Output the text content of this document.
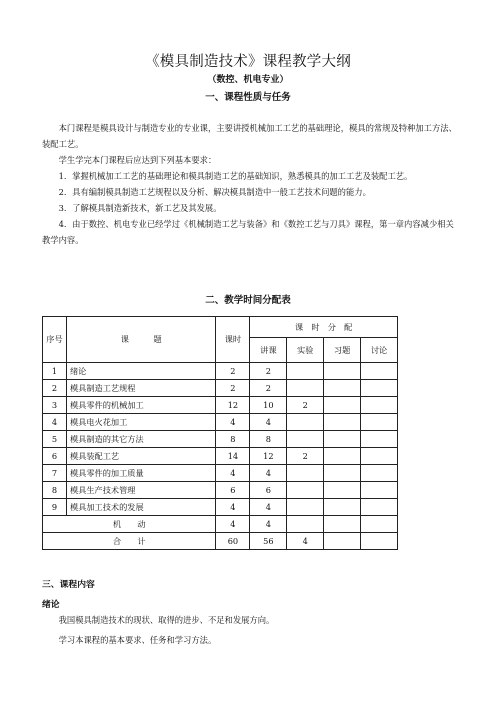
《模具制造技术》课程教学大纲
（数控、机电专业）
一、课程性质与任务

本门课程是模具设计与制造专业的专业课，主要讲授机械加工工艺的基础理论，模具的常规及特种加工方法、装配工艺。

学生学完本门课程后应达到下列基本要求：

1．掌握机械加工工艺的基础理论和模具制造工艺的基础知识，熟悉模具的加工工艺及装配工艺。

2．具有编制模具制造工艺规程以及分析、解决模具制造中一般工艺技术问题的能力。

3．了解模具制造新技术，新工艺及其发展。

4．由于数控、机电专业已经学过《机械制造工艺与装备》和《数控工艺与刀具》课程，第一章内容减少相关教学内容。

二、教学时间分配表
序号	课　　　题	课时	课　时　分　配			
			讲课	实验	习题	讨论
1	绪论	2	2			
2	模具制造工艺规程	2	2			
3	模具零件的机械加工	12	10	2		
4	模具电火花加工	4	4			
5	模具制造的其它方法	8	8			
6	模具装配工艺	14	12	2		
7	模具零件的加工质量	4	4			
8	模具生产技术管理	6	6			
9	模具加工技术的发展	4	4			
机　　动		4	4			
合　　计		60	56	4		
三、课程内容
绪论

我国模具制造技术的现状、取得的进步、不足和发展方向。

学习本课程的基本要求、任务和学习方法。
